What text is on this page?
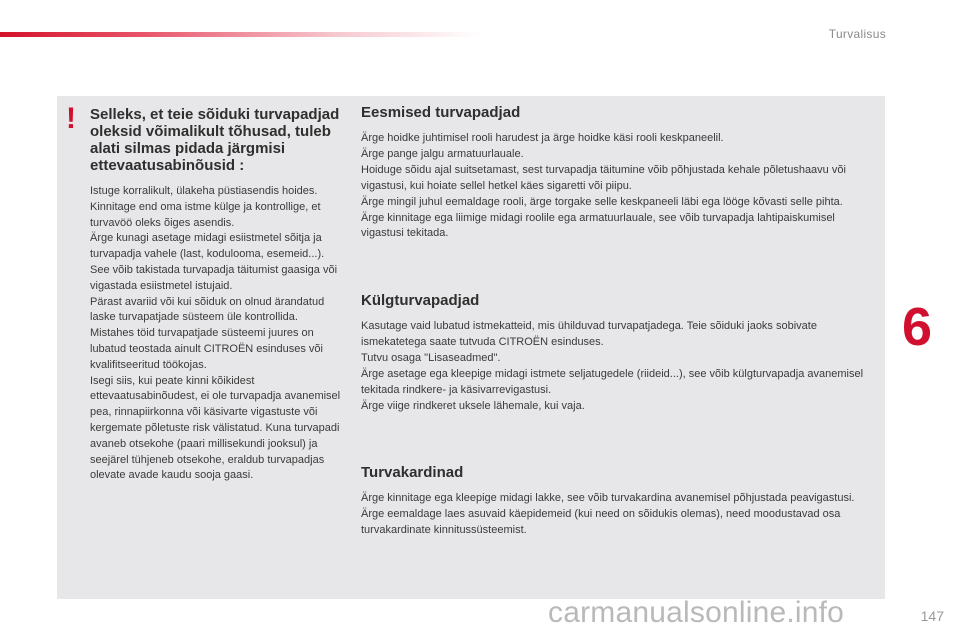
Turvalisus
! Selleks, et teie sõiduki turvapadjad oleksid võimalikult tõhusad, tuleb alati silmas pidada järgmisi ettevaatusabinõusid :

Istuge korralikult, ülakeha püstiasendis hoides.
Kinnitage end oma istme külge ja kontrollige, et turvavöö oleks õiges asendis.
Ärge kunagi asetage midagi esiistmetel sõitja ja turvapadja vahele (last, kodulooma, esemeid...). See võib takistada turvapadja täitumist gaasiga või vigastada esiistmetel istujaid.
Pärast avariid või kui sõiduk on olnud ärandatud laske turvapatjade süsteem üle kontrollida.
Mistahes töid turvapatjade süsteemi juures on lubatud teostada ainult CITROËN esinduses või kvalifitseeritud töökojas.
Isegi siis, kui peate kinni kõikidest ettevaatusabinõudest, ei ole turvapadja avanemisel pea, rinnapiirkonna või käsivarte vigastuste või kergemate põletuste risk välistatud. Kuna turvapadi avaneb otsekohe (paari millisekundi jooksul) ja seejärel tühjeneb otsekohe, eraldub turvapadjas olevate avade kaudu sooja gaasi.

Eesmised turvapadjad

Ärge hoidke juhtimisel rooli harudest ja ärge hoidke käsi rooli keskpaneelil.
Ärge pange jalgu armatuurlauale.
Hoiduge sõidu ajal suitsetamast, sest turvapadja täitumine võib põhjustada kehale põletushaavu või vigastusi, kui hoiate sellel hetkel käes sigaretti või piipu.
Ärge mingil juhul eemaldage rooli, ärge torgake selle keskpaneeli läbi ega lööge kõvasti selle pihta.
Ärge kinnitage ega liimige midagi roolile ega armatuurlauale, see võib turvapadja lahtipaiskumisel vigastusi tekitada.

Külgturvapadjad

Kasutage vaid lubatud istmekatteid, mis ühilduvad turvapatjadega. Teie sõiduki jaoks sobivate ismekatetega saate tutvuda CITROËN esinduses.
Tutvu osaga "Lisaseadmed".
Ärge asetage ega kleepige midagi istmete seljatugedele (riideid...), see võib külgturvapadja avanemisel tekitada rindkere- ja käsivarrevigastusi.
Ärge viige rindkeret uksele lähemale, kui vaja.

Turvakardinad

Ärge kinnitage ega kleepige midagi lakke, see võib turvakardina avanemisel põhjustada peavigastusi.
Ärge eemaldage laes asuvaid käepidemeid (kui need on sõidukis olemas), need moodustavad osa turvakardinate kinnitussüsteemist.

6
carmanualsonline.info	147
